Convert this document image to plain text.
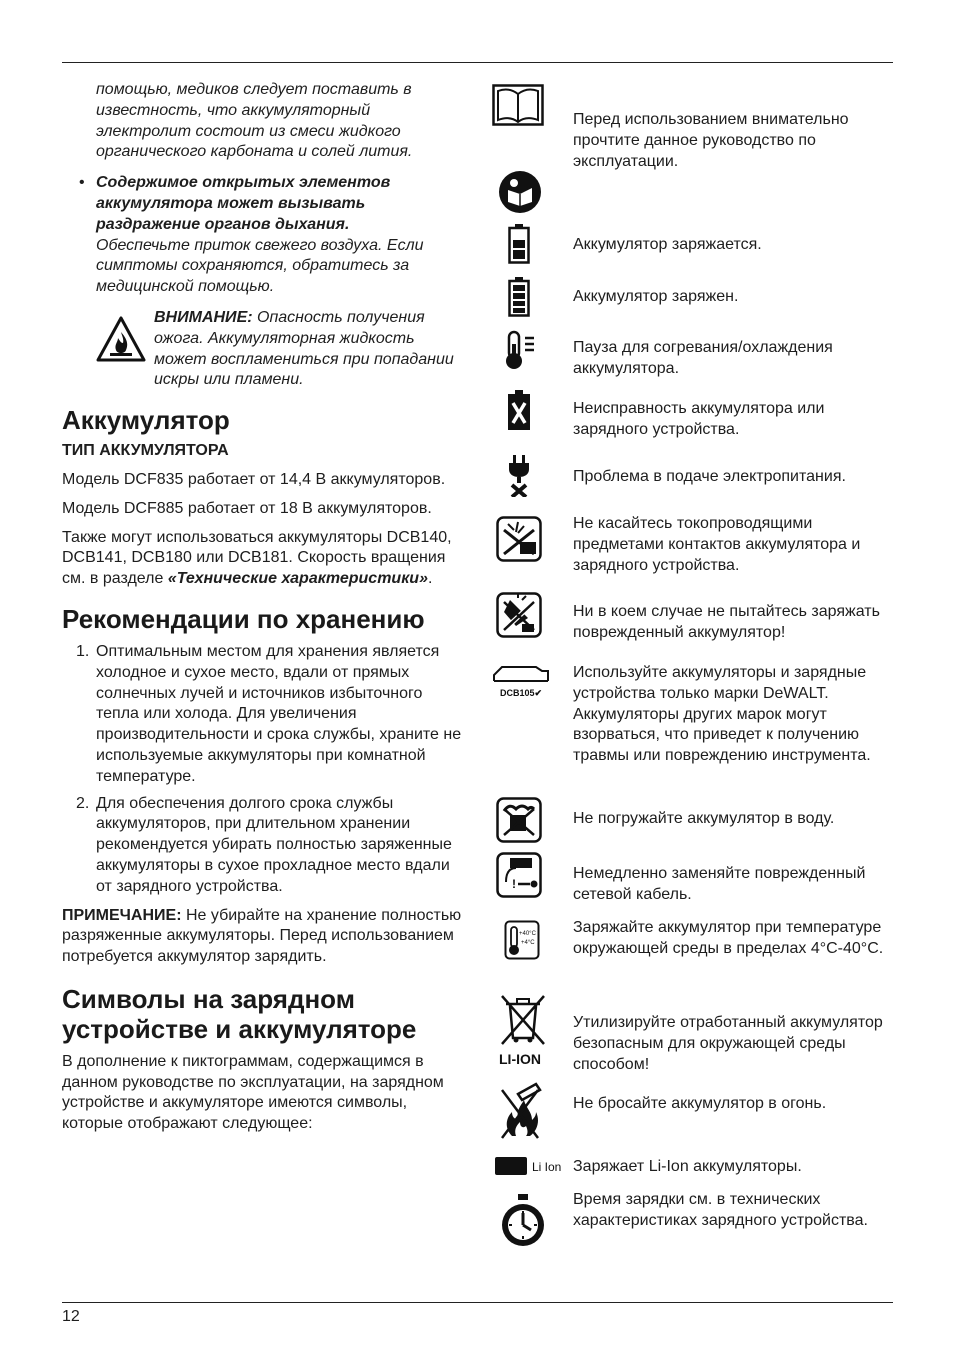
помощью, медиков следует поставить в известность, что аккумуляторный электролит состоит из смеси жидкого органического карбоната и солей лития.

• Содержимое открытых элементов аккумулятора может вызывать раздражение органов дыхания.
Обеспечьте приток свежего воздуха. Если симптомы сохраняются, обратитесь за медицинской помощью.
ВНИМАНИЕ: Опасность получения ожога. Аккумуляторная жидкость может воспламениться при попадании искры или пламени.
Аккумулятор
ТИП АККУМУЛЯТОРА

Модель DCF835 работает от 14,4 В аккумуляторов.

Модель DCF885 работает от 18 В аккумуляторов.

Также могут использоваться аккумуляторы DCB140, DCB141, DCB180 или DCB181. Скорость вращения см. в разделе «Технические характеристики».

Рекомендации по хранению
1. Оптимальным местом для хранения является холодное и сухое место, вдали от прямых солнечных лучей и источников избыточного тепла или холода. Для увеличения производительности и срока службы, храните не используемые аккумуляторы при комнатной температуре.
2. Для обеспечения долгого срока службы аккумуляторов, при длительном хранении рекомендуется убирать полностью заряженные аккумуляторы в сухое прохладное место вдали от зарядного устройства.

ПРИМЕЧАНИЕ: Не убирайте на хранение полностью разряженные аккумуляторы. Перед использованием потребуется аккумулятор зарядить.

Символы на зарядном устройстве и аккумуляторе

В дополнение к пиктограммам, содержащимся в данном руководстве по эксплуатации, на зарядном устройстве и аккумуляторе имеются символы, которые отображают следующее:

Перед использованием внимательно прочтите данное руководство по эксплуатации.
Аккумулятор заряжается.
Аккумулятор заряжен.
Пауза для согревания/охлаждения аккумулятора.
Неисправность аккумулятора или зарядного устройства.
Проблема в подаче электропитания.
Не касайтесь токопроводящими предметами контактов аккумулятора и зарядного устройства.
Ни в коем случае не пытайтесь заряжать поврежденный аккумулятор!
DCB105✔
Используйте аккумуляторы и зарядные устройства только марки DeWALT. Аккумуляторы других марок могут взорваться, что приведет к получению травмы или повреждению инструмента.
Не погружайте аккумулятор в воду.
!
Немедленно заменяйте поврежденный сетевой кабель.
+40°C
+4°C
Заряжайте аккумулятор при температуре окружающей среды в пределах 4°C-40°C.
LI-ION
Утилизируйте отработанный аккумулятор безопасным для окружающей среды способом!
Не бросайте аккумулятор в огонь.
Li Ion Заряжает Li-Ion аккумуляторы.
Время зарядки см. в технических характеристиках зарядного устройства.
12
